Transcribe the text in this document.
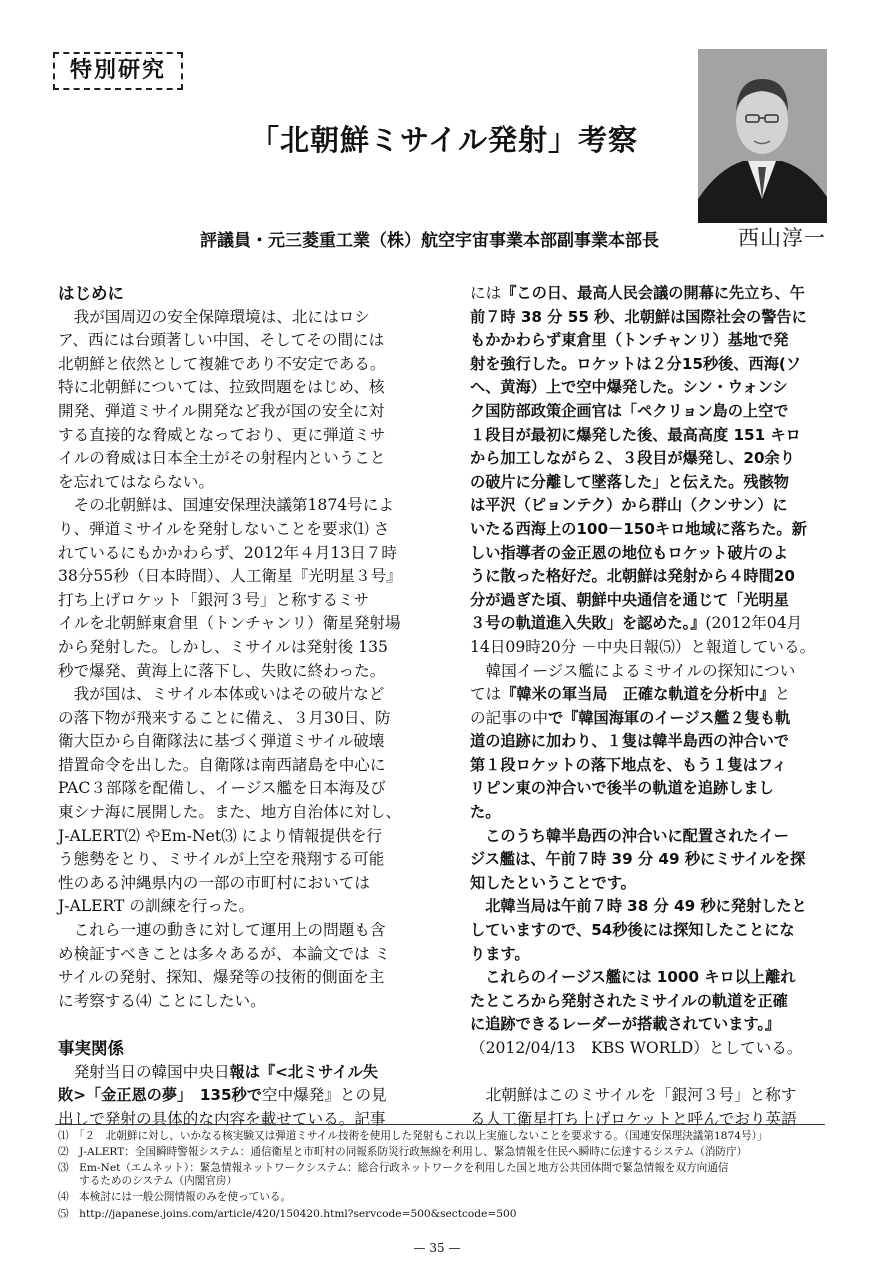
特別研究
「北朝鮮ミサイル発射」考察
評議員・元三菱重工業（株）航空宇宙事業本部副事業本部長	西山淳一
はじめに
　我が国周辺の安全保障環境は、北にはロシ
ア、西には台頭著しい中国、そしてその間には
北朝鮮と依然として複雑であり不安定である。
特に北朝鮮については、拉致問題をはじめ、核
開発、弾道ミサイル開発など我が国の安全に対
する直接的な脅威となっており、更に弾道ミサ
イルの脅威は日本全土がその射程内ということ
を忘れてはならない。
　その北朝鮮は、国連安保理決議第1874号によ
り、弾道ミサイルを発射しないことを要求⑴ さ
れているにもかかわらず、2012年４月13日７時
38分55秒（日本時間）、人工衛星『光明星３号』
打ち上げロケット「銀河３号」と称するミサ
イルを北朝鮮東倉里（トンチャンリ）衛星発射場
から発射した。しかし、ミサイルは発射後 135
秒で爆発、黄海上に落下し、失敗に終わった。
　我が国は、ミサイル本体或いはその破片など
の落下物が飛来することに備え、３月30日、防
衛大臣から自衛隊法に基づく弾道ミサイル破壊
措置命令を出した。自衛隊は南西諸島を中心に
PAC３部隊を配備し、イージス艦を日本海及び
東シナ海に展開した。また、地方自治体に対し、
J-ALERT⑵ やEm-Net⑶ により情報提供を行
う態勢をとり、ミサイルが上空を飛翔する可能
性のある沖縄県内の一部の市町村においては
J-ALERT の訓練を行った。
　これら一連の動きに対して運用上の問題も含
め検証すべきことは多々あるが、本論文では ミ
サイルの発射、探知、爆発等の技術的側面を主
に考察する⑷ ことにしたい。
事実関係
　発射当日の韓国中央日報は『<北ミサイル失
敗>「金正恩の夢」　135秒で空中爆発』との見
出しで発射の具体的な内容を載せている。記事
には『この日、最高人民会議の開幕に先立ち、午
前７時 38 分 55 秒、北朝鮮は国際社会の警告に
もかかわらず東倉里（トンチャンリ）基地で発
射を強行した。ロケットは２分15秒後、西海(ソ
ヘ、黄海）上で空中爆発した。シン・ウォンシ
ク国防部政策企画官は「ペクリョン島の上空で
１段目が最初に爆発した後、最高高度 151 キロ
から加工しながら２、３段目が爆発し、20余り
の破片に分離して墜落した」と伝えた。残骸物
は平沢（ピョンテク）から群山（クンサン）に
いたる西海上の100－150キロ地域に落ちた。新
しい指導者の金正恩の地位もロケット破片のよ
うに散った格好だ。北朝鮮は発射から４時間20
分が過ぎた頃、朝鮮中央通信を通じて「光明星
３号の軌道進入失敗」を認めた。』(2012年04月
14日09時20分 －中央日報⑸）と報道している。
　韓国イージス艦によるミサイルの探知につい
ては『韓米の軍当局　正確な軌道を分析中』と
の記事の中で『韓国海軍のイージス艦２隻も軌
道の追跡に加わり、１隻は韓半島西の沖合いで
第１段ロケットの落下地点を、もう１隻はフィ
リピン東の沖合いで後半の軌道を追跡しまし
た。
　このうち韓半島西の沖合いに配置されたイー
ジス艦は、午前７時 39 分 49 秒にミサイルを探
知したということです。
　北韓当局は午前７時 38 分 49 秒に発射したと
していますので、54秒後には探知したことにな
ります。
　これらのイージス艦には 1000 キロ以上離れ
たところから発射されたミサイルの軌道を正確
に追跡できるレーダーが搭載されています。』
（2012/04/13　KBS WORLD）としている。
　北朝鮮はこのミサイルを「銀河３号」と称す
る人工衛星打ち上げロケットと呼んでおり英語
⑴　「２　北朝鮮に対し、いかなる核実験又は弾道ミサイル技術を使用した発射もこれ以上実施しないことを要求する。（国連安保理決議第1874号）」
⑵　J-ALERT：全国瞬時警報システム：通信衛星と市町村の同報系防災行政無線を利用し、緊急情報を住民へ瞬時に伝達するシステム（消防庁）
⑶　Em-Net（エムネット）：緊急情報ネットワークシステム：総合行政ネットワークを利用した国と地方公共団体間で緊急情報を双方向通信
　　するためのシステム（内閣官房）
⑷　本検討には一般公開情報のみを使っている。
⑸　http://japanese.joins.com/article/420/150420.html?servcode=500&sectcode=500
— 35 —
